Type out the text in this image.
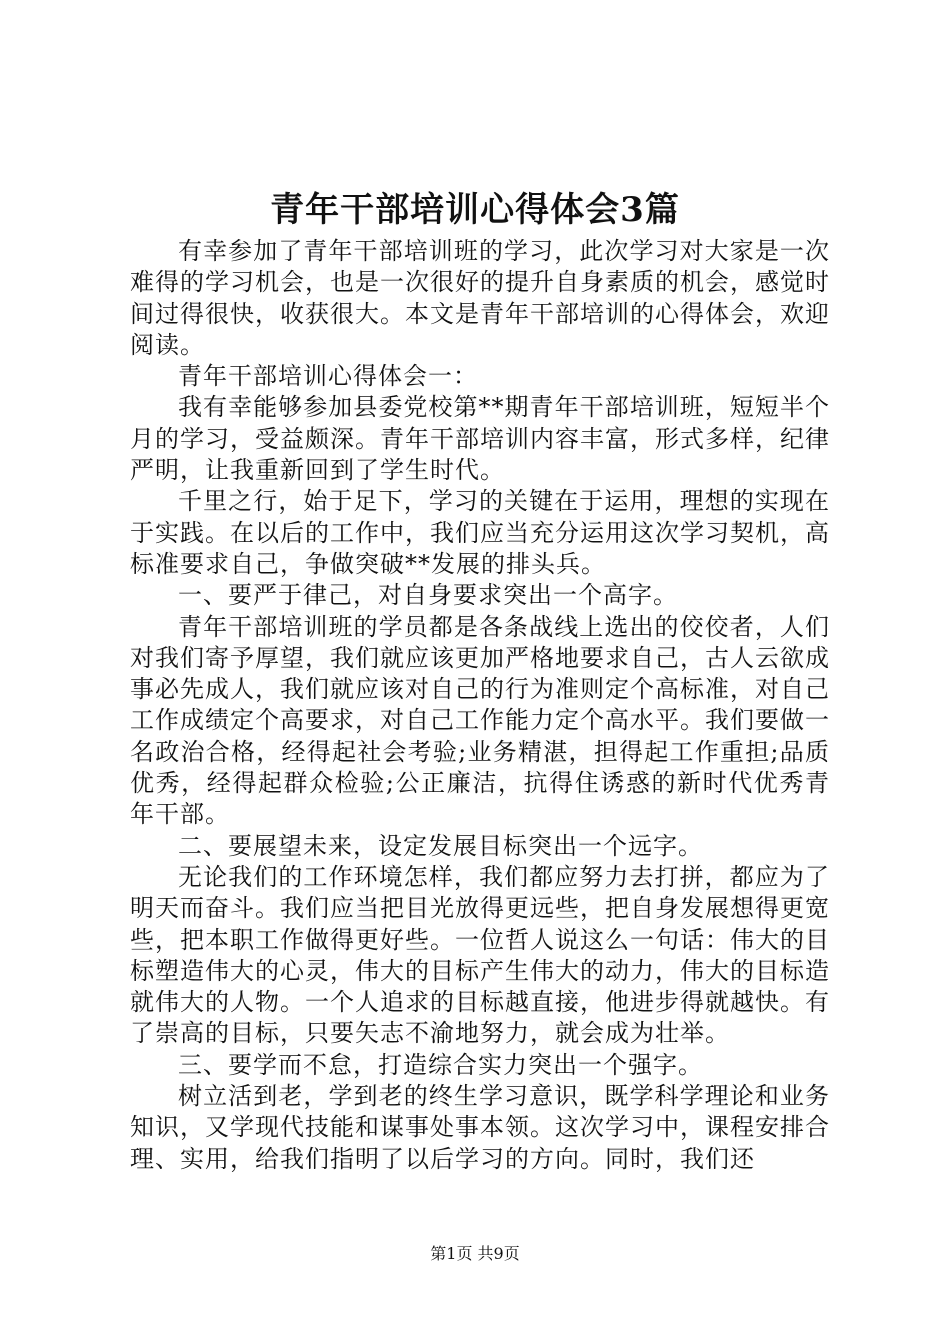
青年干部培训心得体会3篇

有幸参加了青年干部培训班的学习，此次学习对大家是一次难得的学习机会，也是一次很好的提升自身素质的机会，感觉时间过得很快，收获很大。本文是青年干部培训的心得体会，欢迎阅读。

青年干部培训心得体会一：

我有幸能够参加县委党校第**期青年干部培训班，短短半个月的学习，受益颇深。青年干部培训内容丰富，形式多样，纪律严明，让我重新回到了学生时代。

千里之行，始于足下，学习的关键在于运用，理想的实现在于实践。在以后的工作中，我们应当充分运用这次学习契机，高标准要求自己，争做突破**发展的排头兵。

一、要严于律己，对自身要求突出一个高字。

青年干部培训班的学员都是各条战线上选出的佼佼者，人们对我们寄予厚望，我们就应该更加严格地要求自己，古人云欲成事必先成人，我们就应该对自己的行为准则定个高标准，对自己工作成绩定个高要求，对自己工作能力定个高水平。我们要做一名政治合格，经得起社会考验;业务精湛，担得起工作重担;品质优秀，经得起群众检验;公正廉洁，抗得住诱惑的新时代优秀青年干部。

二、要展望未来，设定发展目标突出一个远字。

无论我们的工作环境怎样，我们都应努力去打拼，都应为了明天而奋斗。我们应当把目光放得更远些，把自身发展想得更宽些，把本职工作做得更好些。一位哲人说这么一句话：伟大的目标塑造伟大的心灵，伟大的目标产生伟大的动力，伟大的目标造就伟大的人物。一个人追求的目标越直接，他进步得就越快。有了崇高的目标，只要矢志不渝地努力，就会成为壮举。

三、要学而不怠，打造综合实力突出一个强字。

树立活到老，学到老的终生学习意识，既学科学理论和业务知识，又学现代技能和谋事处事本领。这次学习中，课程安排合理、实用，给我们指明了以后学习的方向。同时，我们还

第1页 共9页
